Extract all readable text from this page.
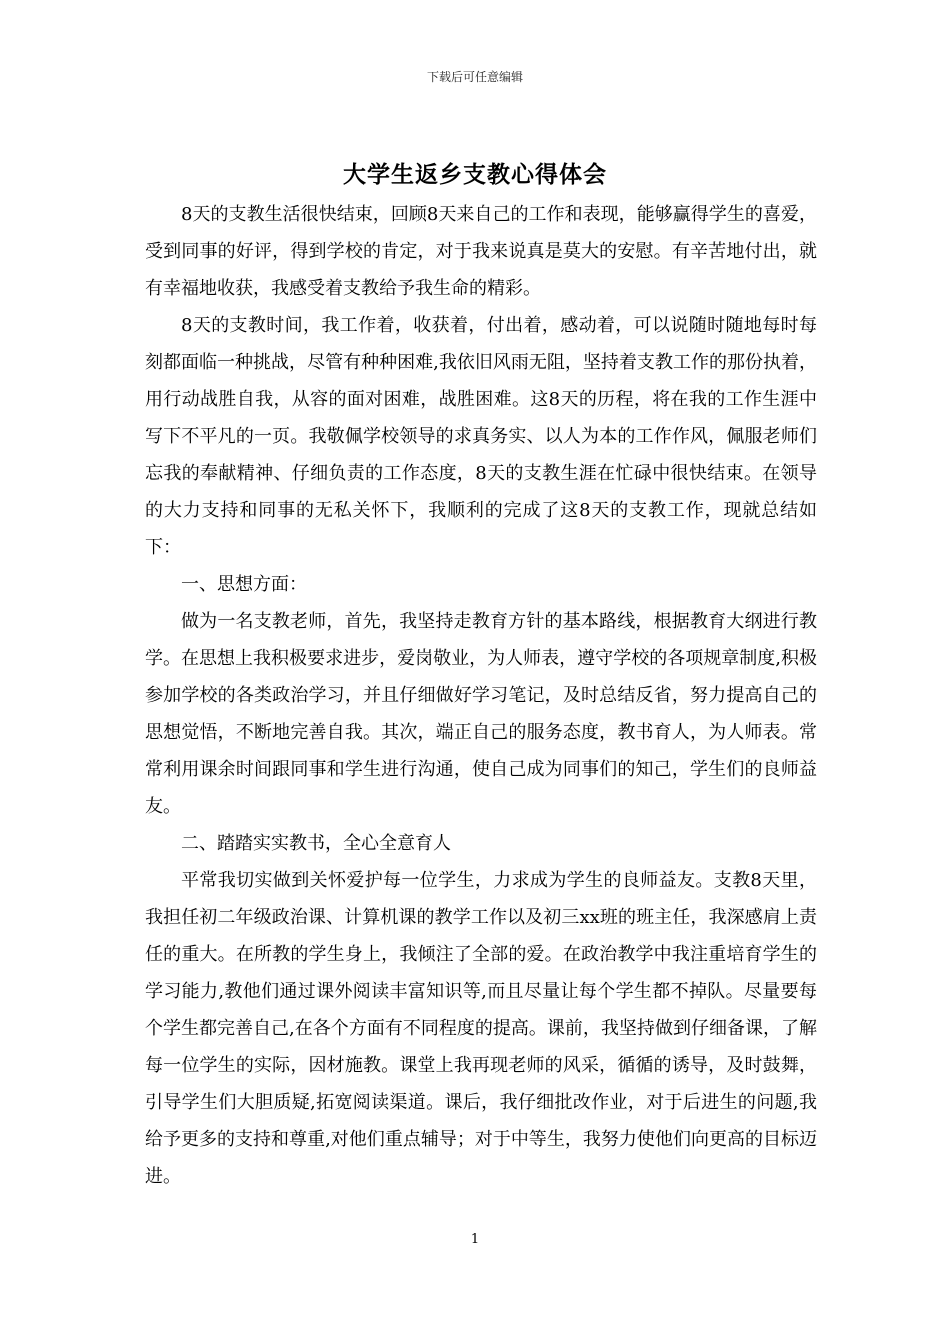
下载后可任意编辑
大学生返乡支教心得体会

8天的支教生活很快结束，回顾8天来自己的工作和表现，能够赢得学生的喜爱，受到同事的好评，得到学校的肯定，对于我来说真是莫大的安慰。有辛苦地付出，就有幸福地收获，我感受着支教给予我生命的精彩。

8天的支教时间，我工作着，收获着，付出着，感动着，可以说随时随地每时每刻都面临一种挑战，尽管有种种困难,我依旧风雨无阻，坚持着支教工作的那份执着，用行动战胜自我，从容的面对困难，战胜困难。这8天的历程，将在我的工作生涯中写下不平凡的一页。我敬佩学校领导的求真务实、以人为本的工作作风，佩服老师们忘我的奉献精神、仔细负责的工作态度，8天的支教生涯在忙碌中很快结束。在领导的大力支持和同事的无私关怀下，我顺利的完成了这8天的支教工作，现就总结如下：

一、思想方面：

做为一名支教老师，首先，我坚持走教育方针的基本路线，根据教育大纲进行教学。在思想上我积极要求进步，爱岗敬业，为人师表，遵守学校的各项规章制度,积极参加学校的各类政治学习，并且仔细做好学习笔记，及时总结反省，努力提高自己的思想觉悟，不断地完善自我。其次，端正自己的服务态度，教书育人，为人师表。常常利用课余时间跟同事和学生进行沟通，使自己成为同事们的知己，学生们的良师益友。

二、踏踏实实教书，全心全意育人

平常我切实做到关怀爱护每一位学生，力求成为学生的良师益友。支教8天里，我担任初二年级政治课、计算机课的教学工作以及初三xx班的班主任，我深感肩上责任的重大。在所教的学生身上，我倾注了全部的爱。在政治教学中我注重培育学生的学习能力,教他们通过课外阅读丰富知识等,而且尽量让每个学生都不掉队。尽量要每个学生都完善自己,在各个方面有不同程度的提高。课前，我坚持做到仔细备课，了解每一位学生的实际，因材施教。课堂上我再现老师的风采，循循的诱导，及时鼓舞，引导学生们大胆质疑,拓宽阅读渠道。课后，我仔细批改作业，对于后进生的问题,我给予更多的支持和尊重,对他们重点辅导；对于中等生，我努力使他们向更高的目标迈进。

1
